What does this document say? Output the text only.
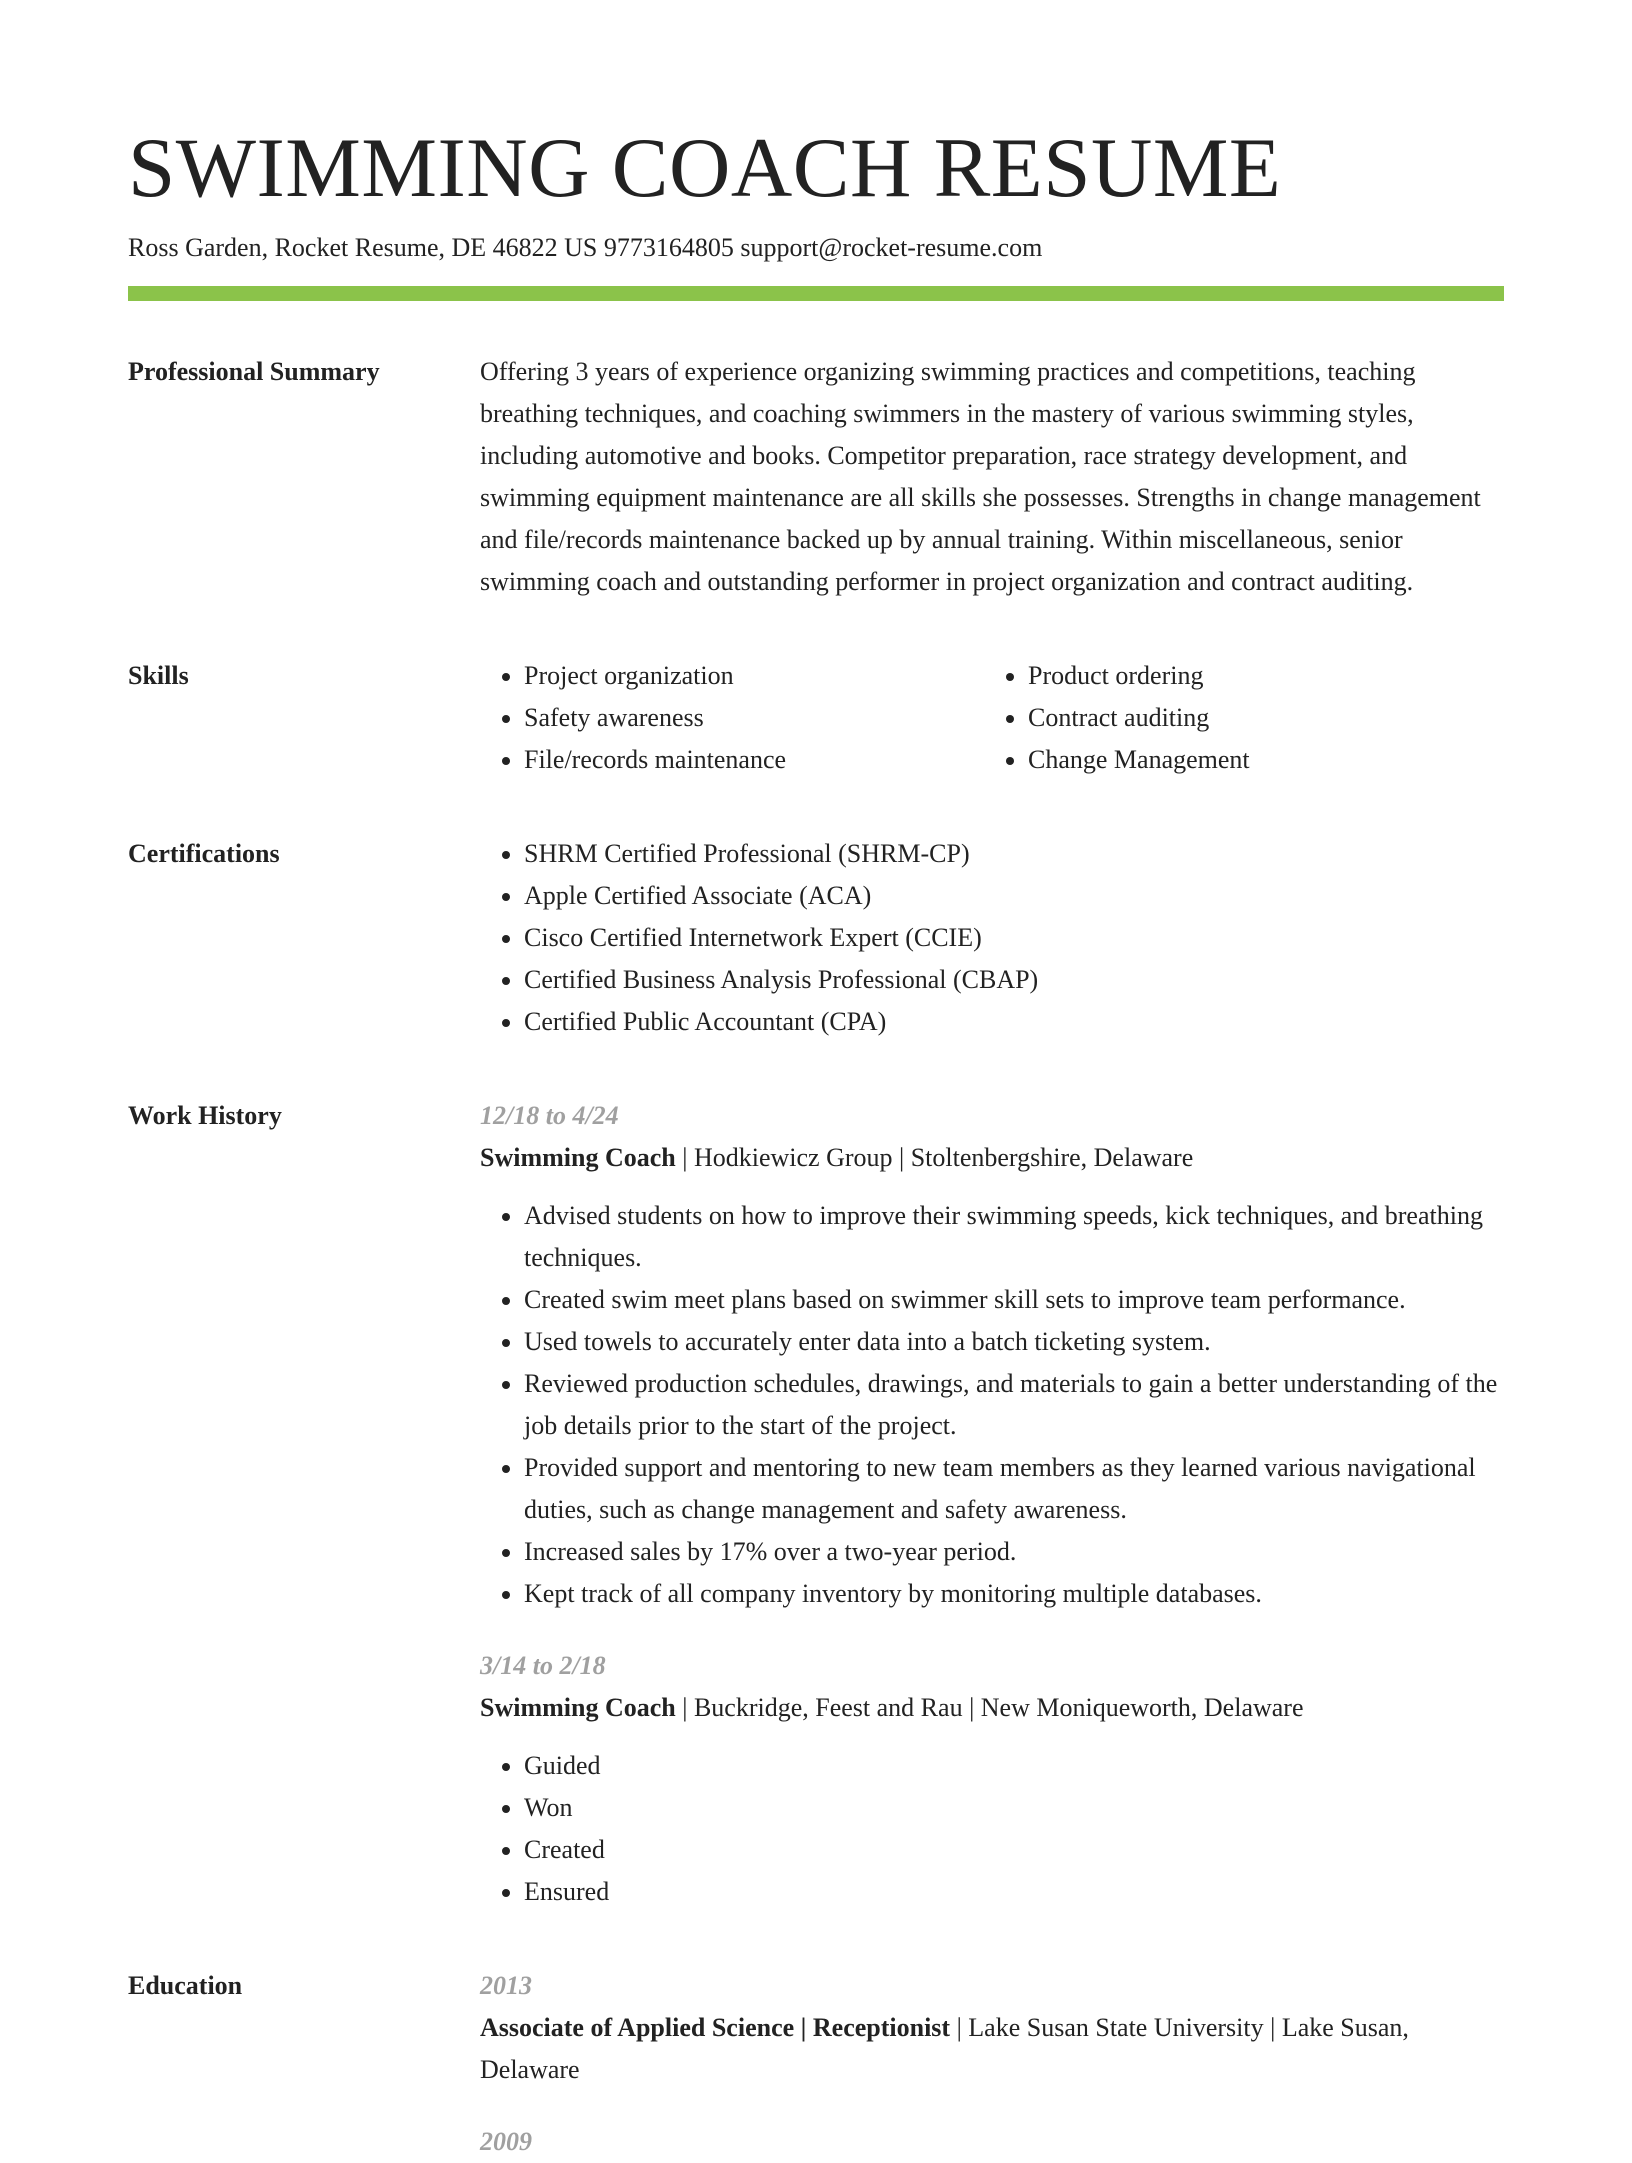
SWIMMING COACH RESUME
Ross Garden, Rocket Resume, DE 46822 US 9773164805 support@rocket-resume.com
Professional Summary	Offering 3 years of experience organizing swimming practices and competitions, teaching breathing techniques, and coaching swimmers in the mastery of various swimming styles, including automotive and books. Competitor preparation, race strategy development, and swimming equipment maintenance are all skills she possesses. Strengths in change management and file/records maintenance backed up by annual training. Within miscellaneous, senior swimming coach and outstanding performer in project organization and contract auditing.

Skills	• Project organization
• Safety awareness
• File/records maintenance
• Product ordering
• Contract auditing
• Change Management
Certifications	• SHRM Certified Professional (SHRM-CP)
• Apple Certified Associate (ACA)
• Cisco Certified Internetwork Expert (CCIE)
• Certified Business Analysis Professional (CBAP)
• Certified Public Accountant (CPA)
Work History	12/18 to 4/24
Swimming Coach | Hodkiewicz Group | Stoltenbergshire, Delaware
• Advised students on how to improve their swimming speeds, kick techniques, and breathing techniques.
• Created swim meet plans based on swimmer skill sets to improve team performance.
• Used towels to accurately enter data into a batch ticketing system.
• Reviewed production schedules, drawings, and materials to gain a better understanding of the job details prior to the start of the project.
• Provided support and mentoring to new team members as they learned various navigational duties, such as change management and safety awareness.
• Increased sales by 17% over a two-year period.
• Kept track of all company inventory by monitoring multiple databases.
3/14 to 2/18
Swimming Coach | Buckridge, Feest and Rau | New Moniqueworth, Delaware
• Guided
• Won
• Created
• Ensured
Education	2013
Associate of Applied Science | Receptionist | Lake Susan State University | Lake Susan, Delaware
2009
